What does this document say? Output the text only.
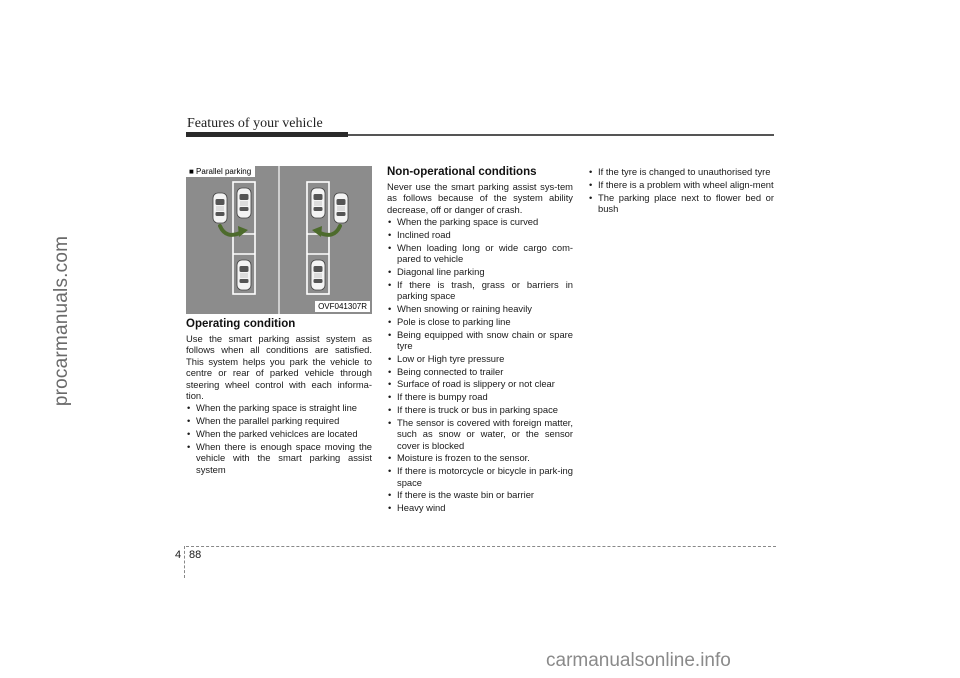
Features of your vehicle
procarmanuals.com
■ Parallel parking
OVF041307R
Operating condition
Use the smart parking assist system as follows when all conditions are satisfied. This system helps you park the vehicle to centre or rear of parked vehicle through steering wheel control with each informa-tion.
• When the parking space is straight line
• When the parallel parking required
• When the parked vehiclces are located
• When there is enough space moving the vehicle with the smart parking assist system
Non-operational conditions
Never use the smart parking assist sys-tem as follows because of the system ability decrease, off or danger of crash.
• When the parking space is curved
• Inclined road
• When loading long or wide cargo com-pared to vehicle
• Diagonal line parking
• If there is trash, grass or barriers in parking space
• When snowing or raining heavily
• Pole is close to parking line
• Being equipped with snow chain or spare tyre
• Low or High tyre pressure
• Being connected to trailer
• Surface of road is slippery or not clear
• If there is bumpy road
• If there is truck or bus in parking space
• The sensor is covered with foreign matter, such as snow or water, or the sensor cover is blocked
• Moisture is frozen to the sensor.
• If there is motorcycle or bicycle in park-ing space
• If there is the waste bin or barrier
• Heavy wind
• If the tyre is changed to unauthorised tyre
• If there is a problem with wheel align-ment
• The parking place next to flower bed or bush
4 88
carmanualsonline.info
